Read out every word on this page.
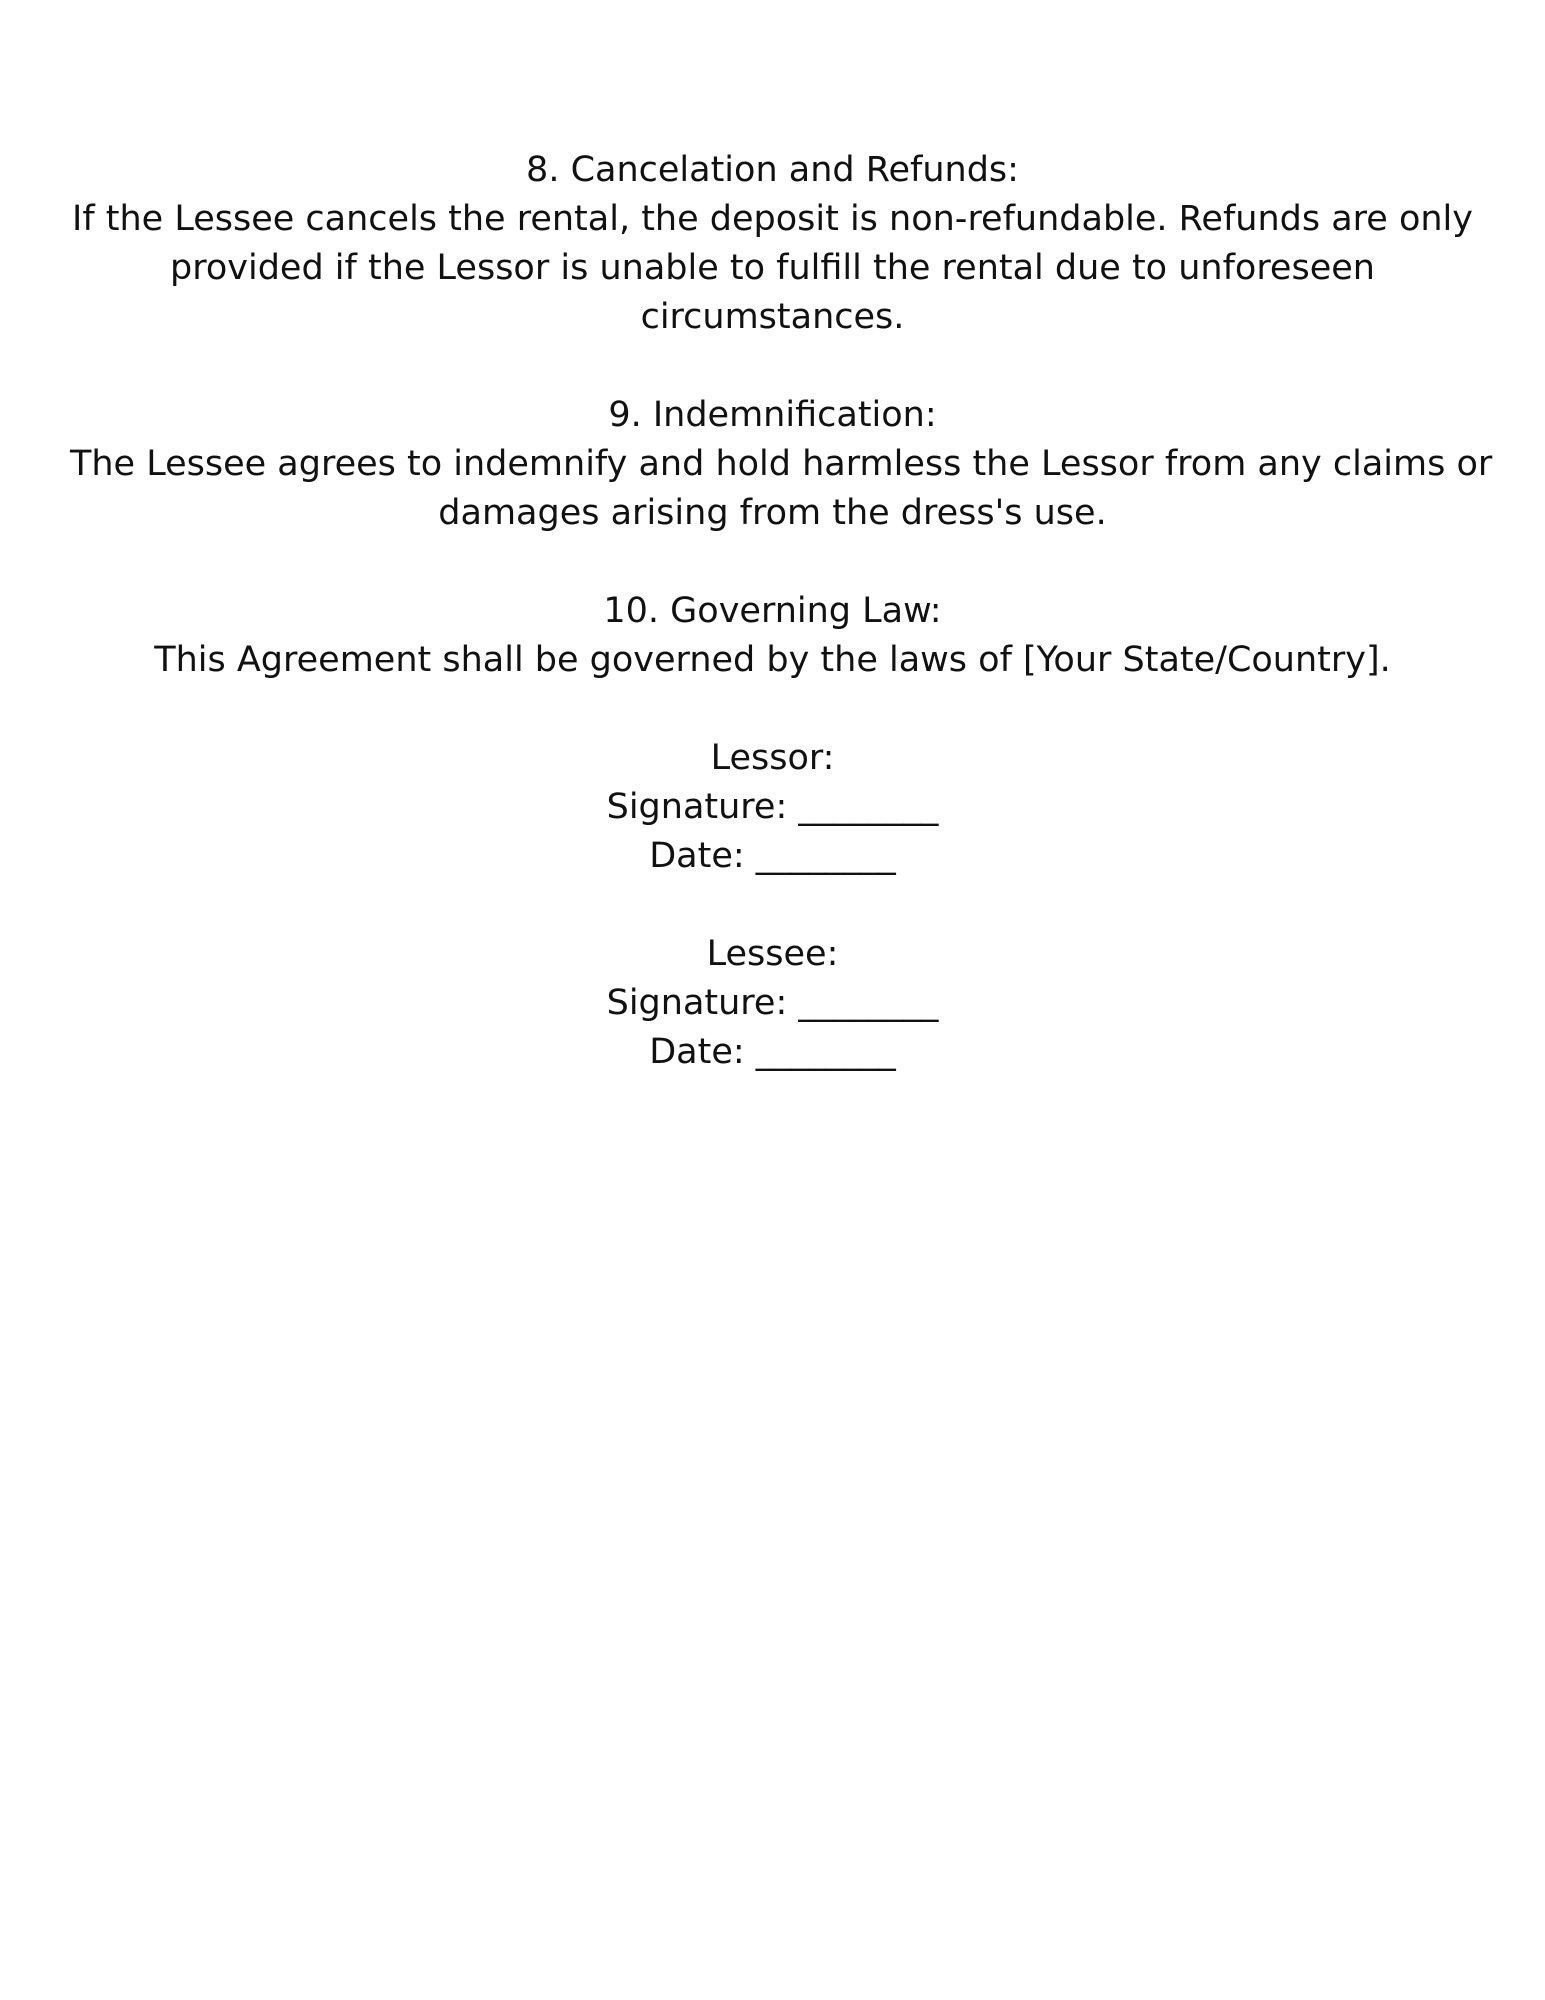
8. Cancelation and Refunds:
If the Lessee cancels the rental, the deposit is non-refundable. Refunds are only
provided if the Lessor is unable to fulfill the rental due to unforeseen
circumstances.
9. Indemnification:
The Lessee agrees to indemnify and hold harmless the Lessor from any claims or
damages arising from the dress's use.
10. Governing Law:
This Agreement shall be governed by the laws of [Your State/Country].
Lessor:
Signature: ________
Date: ________
Lessee:
Signature: ________
Date: ________
